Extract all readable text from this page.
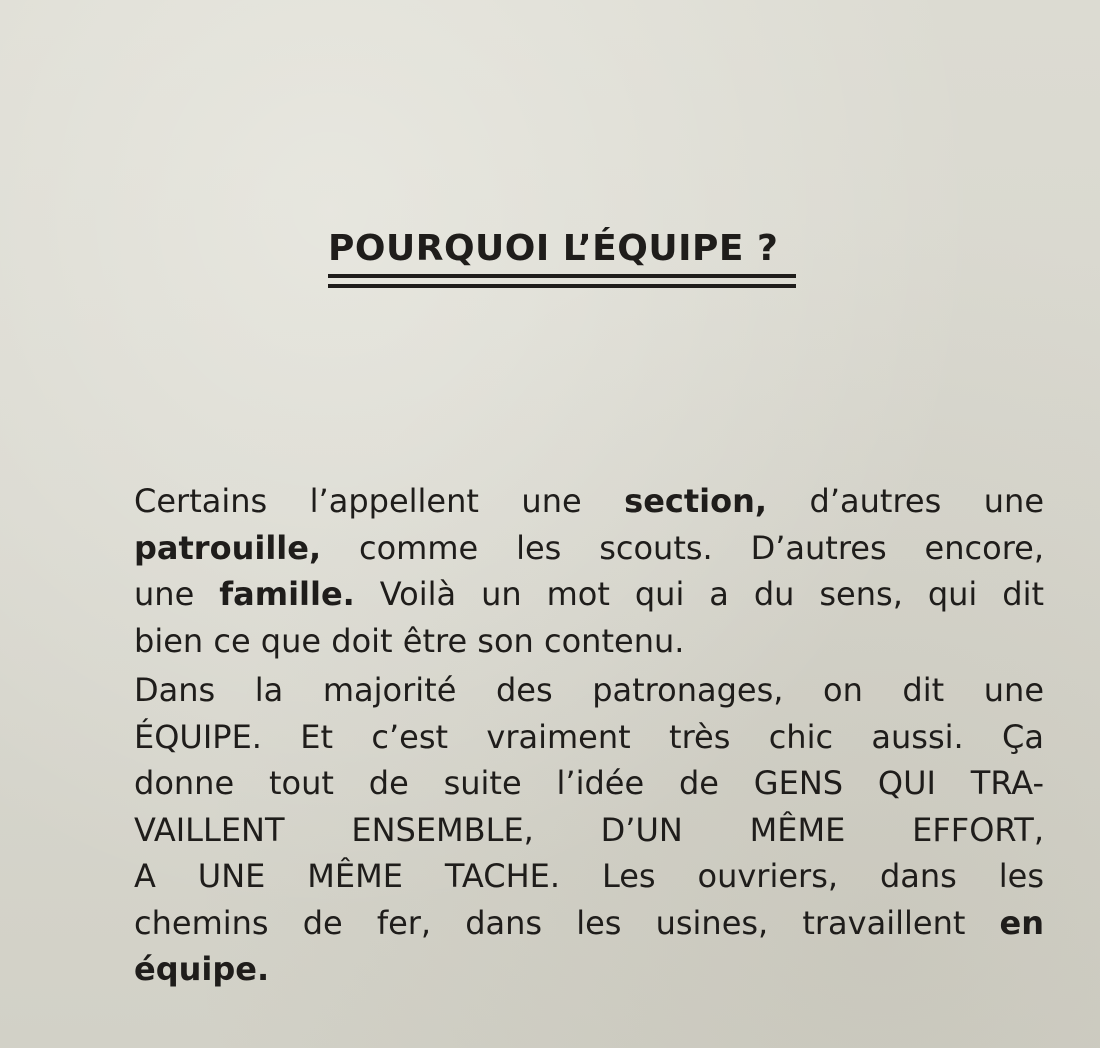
POURQUOI L’ÉQUIPE ?

Certains l’appellent une section, d’autres une
patrouille, comme les scouts. D’autres encore,
une famille. Voilà un mot qui a du sens, qui dit
bien ce que doit être son contenu.

Dans la majorité des patronages, on dit une
ÉQUIPE. Et c’est vraiment très chic aussi. Ça
donne tout de suite l’idée de GENS QUI TRA-
VAILLENT ENSEMBLE, D’UN MÊME EFFORT,
A UNE MÊME TACHE. Les ouvriers, dans les
chemins de fer, dans les usines, travaillent en
équipe.
